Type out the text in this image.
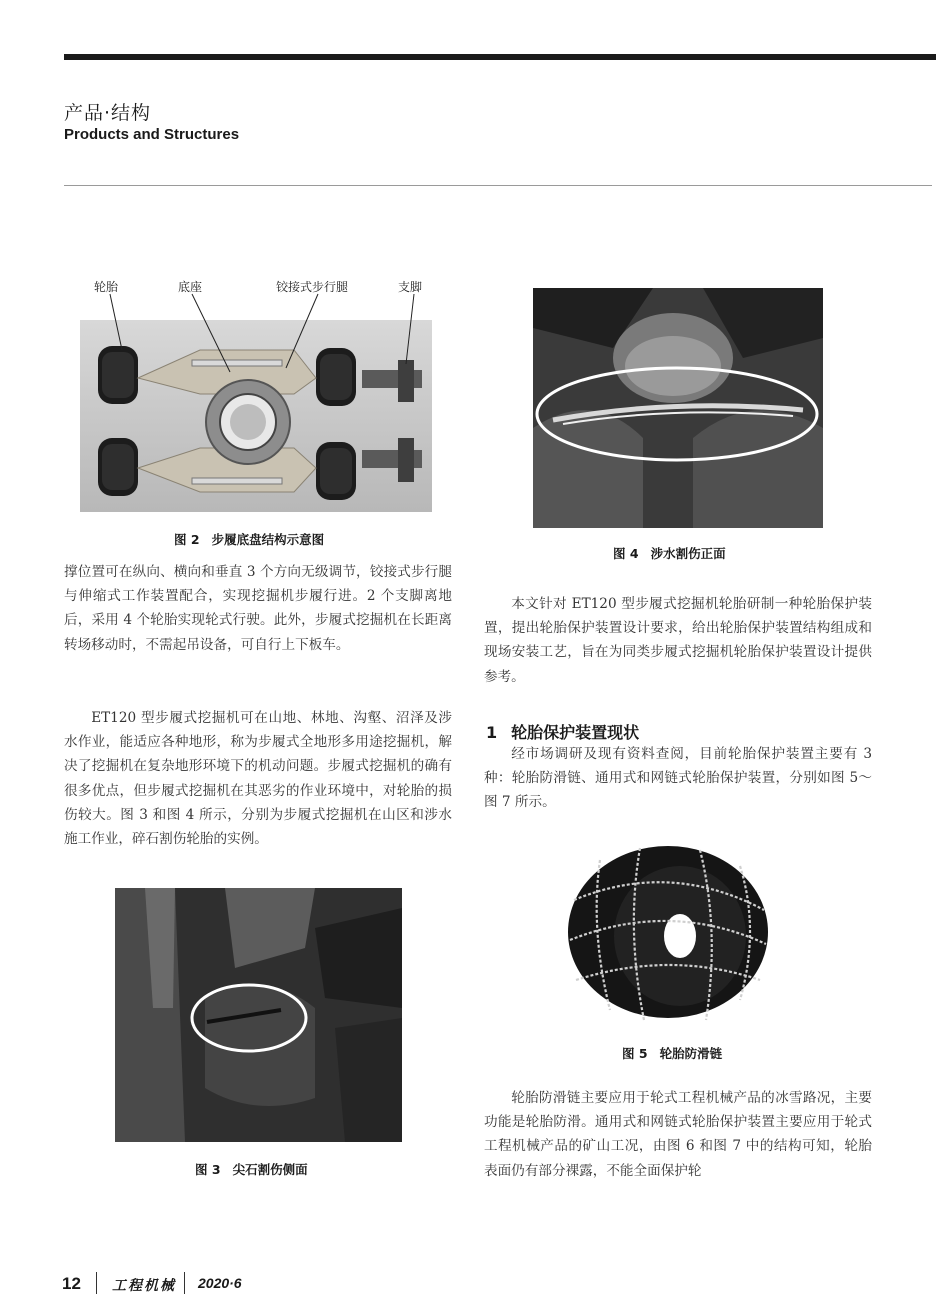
产品·结构
Products and Structures
轮胎	底座	铰接式步行腿	支脚
图 2 步履底盘结构示意图
图 4 涉水割伤正面
撑位置可在纵向、横向和垂直 3 个方向无级调节，铰接式步行腿与伸缩式工作装置配合，实现挖掘机步履行进。2 个支脚离地后，采用 4 个轮胎实现轮式行驶。此外，步履式挖掘机在长距离转场移动时，不需起吊设备，可自行上下板车。
ET120 型步履式挖掘机可在山地、林地、沟壑、沼泽及涉水作业，能适应各种地形，称为步履式全地形多用途挖掘机，解决了挖掘机在复杂地形环境下的机动问题。步履式挖掘机的确有很多优点，但步履式挖掘机在其恶劣的作业环境中，对轮胎的损伤较大。图 3 和图 4 所示，分别为步履式挖掘机在山区和涉水施工作业，碎石割伤轮胎的实例。
图 3 尖石割伤侧面
本文针对 ET120 型步履式挖掘机轮胎研制一种轮胎保护装置，提出轮胎保护装置设计要求，给出轮胎保护装置结构组成和现场安装工艺，旨在为同类步履式挖掘机轮胎保护装置设计提供参考。
1 轮胎保护装置现状
经市场调研及现有资料查阅，目前轮胎保护装置主要有 3 种：轮胎防滑链、通用式和网链式轮胎保护装置，分别如图 5～图 7 所示。
图 5 轮胎防滑链
轮胎防滑链主要应用于轮式工程机械产品的冰雪路况，主要功能是轮胎防滑。通用式和网链式轮胎保护装置主要应用于轮式工程机械产品的矿山工况，由图 6 和图 7 中的结构可知，轮胎表面仍有部分裸露，不能全面保护轮
12 工程机械 2020·6
